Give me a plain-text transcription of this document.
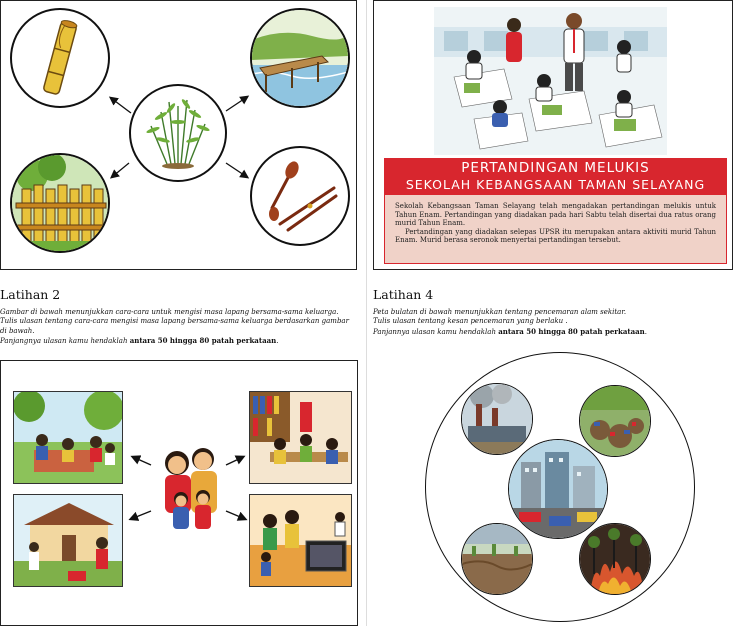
PERTANDINGAN MELUKIS
SEKOLAH KEBANGSAAN TAMAN SELAYANG
Sekolah Kebangsaan Taman Selayang telah mengadakan pertandingan melukis untuk Tahun Enam. Pertandingan yang diadakan pada hari Sabtu telah disertai dua ratus orang murid Tahun Enam.
Pertandingan yang diadakan selepas UPSR itu merupakan antara aktiviti murid Tahun Enam. Murid berasa seronok menyertai pertandingan tersebut.
Latihan 2
Gambar di bawah menunjukkan cara-cara untuk mengisi masa lapang bersama-sama keluarga.
Tulis ulasan tentang cara-cara mengisi masa lapang bersama-sama keluarga berdasarkan gambar
di bawah.
Panjangnya ulasan kamu hendaklah antara 50 hingga 80 patah perkataan.
Latihan 4
Peta bulatan di bawah menunjukkan tentang pencemaran alam sekitar.
Tulis ulasan tentang kesan pencemaran yang berlaku .
Panjannya ulasan kamu hendaklah antara 50 hingga 80 patah perkataan.
